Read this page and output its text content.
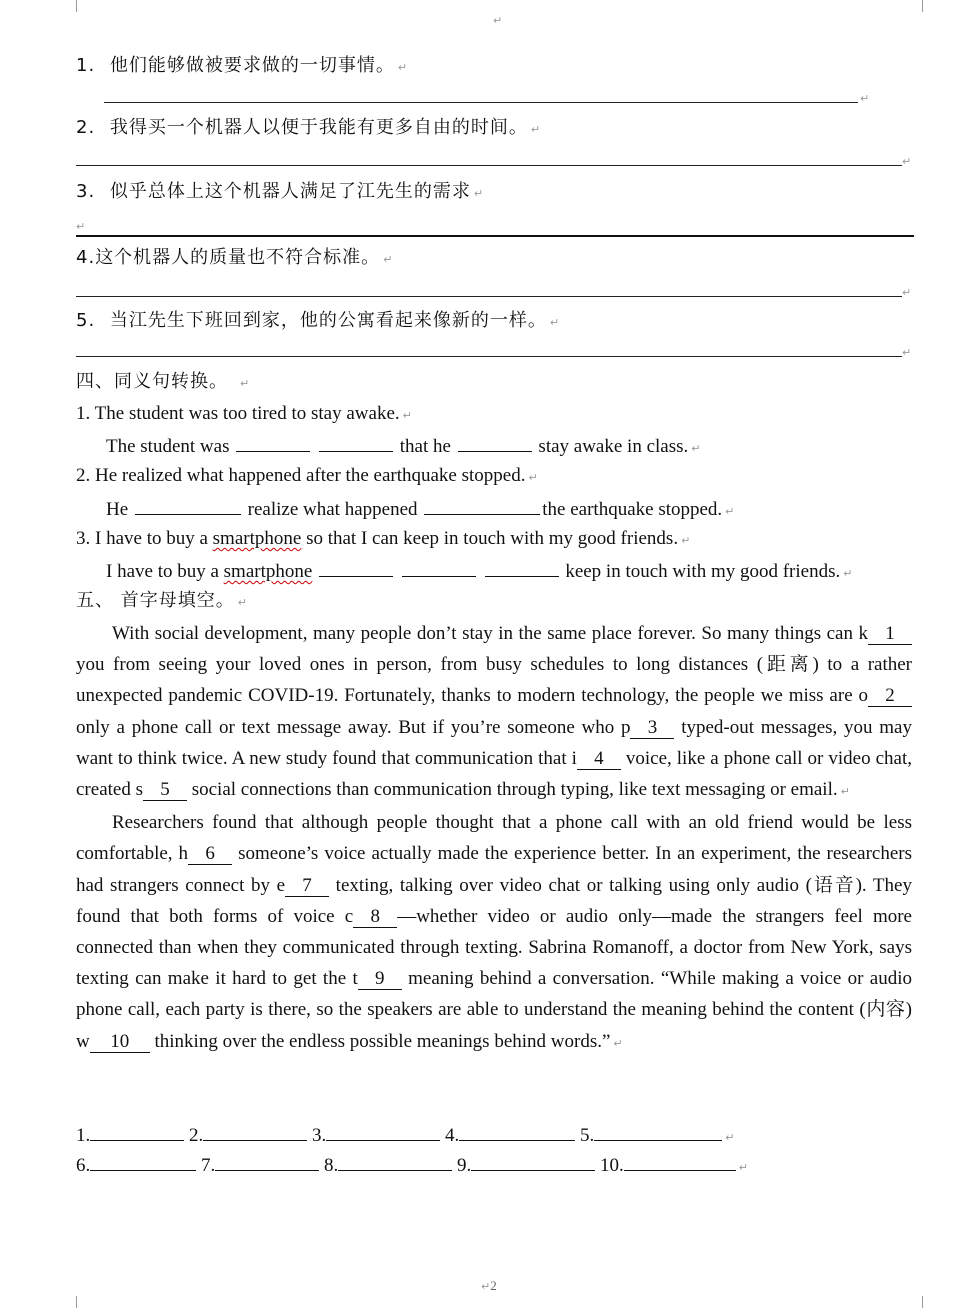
↵
1. 他们能够做被要求做的一切事情。 ↵
↵
2. 我得买一个机器人以便于我能有更多自由的时间。 ↵
↵
3. 似乎总体上这个机器人满足了江先生的需求 ↵
↵
4.这个机器人的质量也不符合标准。 ↵
↵
5. 当江先生下班回到家，他的公寓看起来像新的一样。 ↵
↵
四、同义句转换。 ↵
1. The student was too tired to stay awake. ↵
The student was	that he	stay awake in class. ↵
2. He realized what happened after the earthquake stopped. ↵
He	realize what happened	the earthquake stopped. ↵
3. I have to buy a smartphone so that I can keep in touch with my good friends. ↵
I have to buy a smartphone	keep in touch with my good friends. ↵
五、 首字母填空。 ↵

With social development, many people don’t stay in the same place forever. So many things can k 1 you from seeing your loved ones in person, from busy schedules to long distances (距离) to a rather unexpected pandemic COVID-19. Fortunately, thanks to modern technology, the people we miss are o 2 only a phone call or text message away. But if you’re someone who p 3 typed-out messages, you may want to think twice. A new study found that communication that i 4 voice, like a phone call or video chat, created s 5 social connections than communication through typing, like text messaging or email. ↵

Researchers found that although people thought that a phone call with an old friend would be less comfortable, h 6 someone’s voice actually made the experience better. In an experiment, the researchers had strangers connect by e 7 texting, talking over video chat or talking using only audio (语音). They found that both forms of voice c 8 —whether video or audio only—made the strangers feel more connected than when they communicated through texting. Sabrina Romanoff, a doctor from New York, says texting can make it hard to get the t 9 meaning behind a conversation. “While making a voice or audio phone call, each party is there, so the speakers are able to understand the meaning behind the content (内容) w 10 thinking over the endless possible meanings behind words.” ↵

1.	2.	3.	4.	5.	↵
6.	7.	8.	9.	10.	↵
↵2
